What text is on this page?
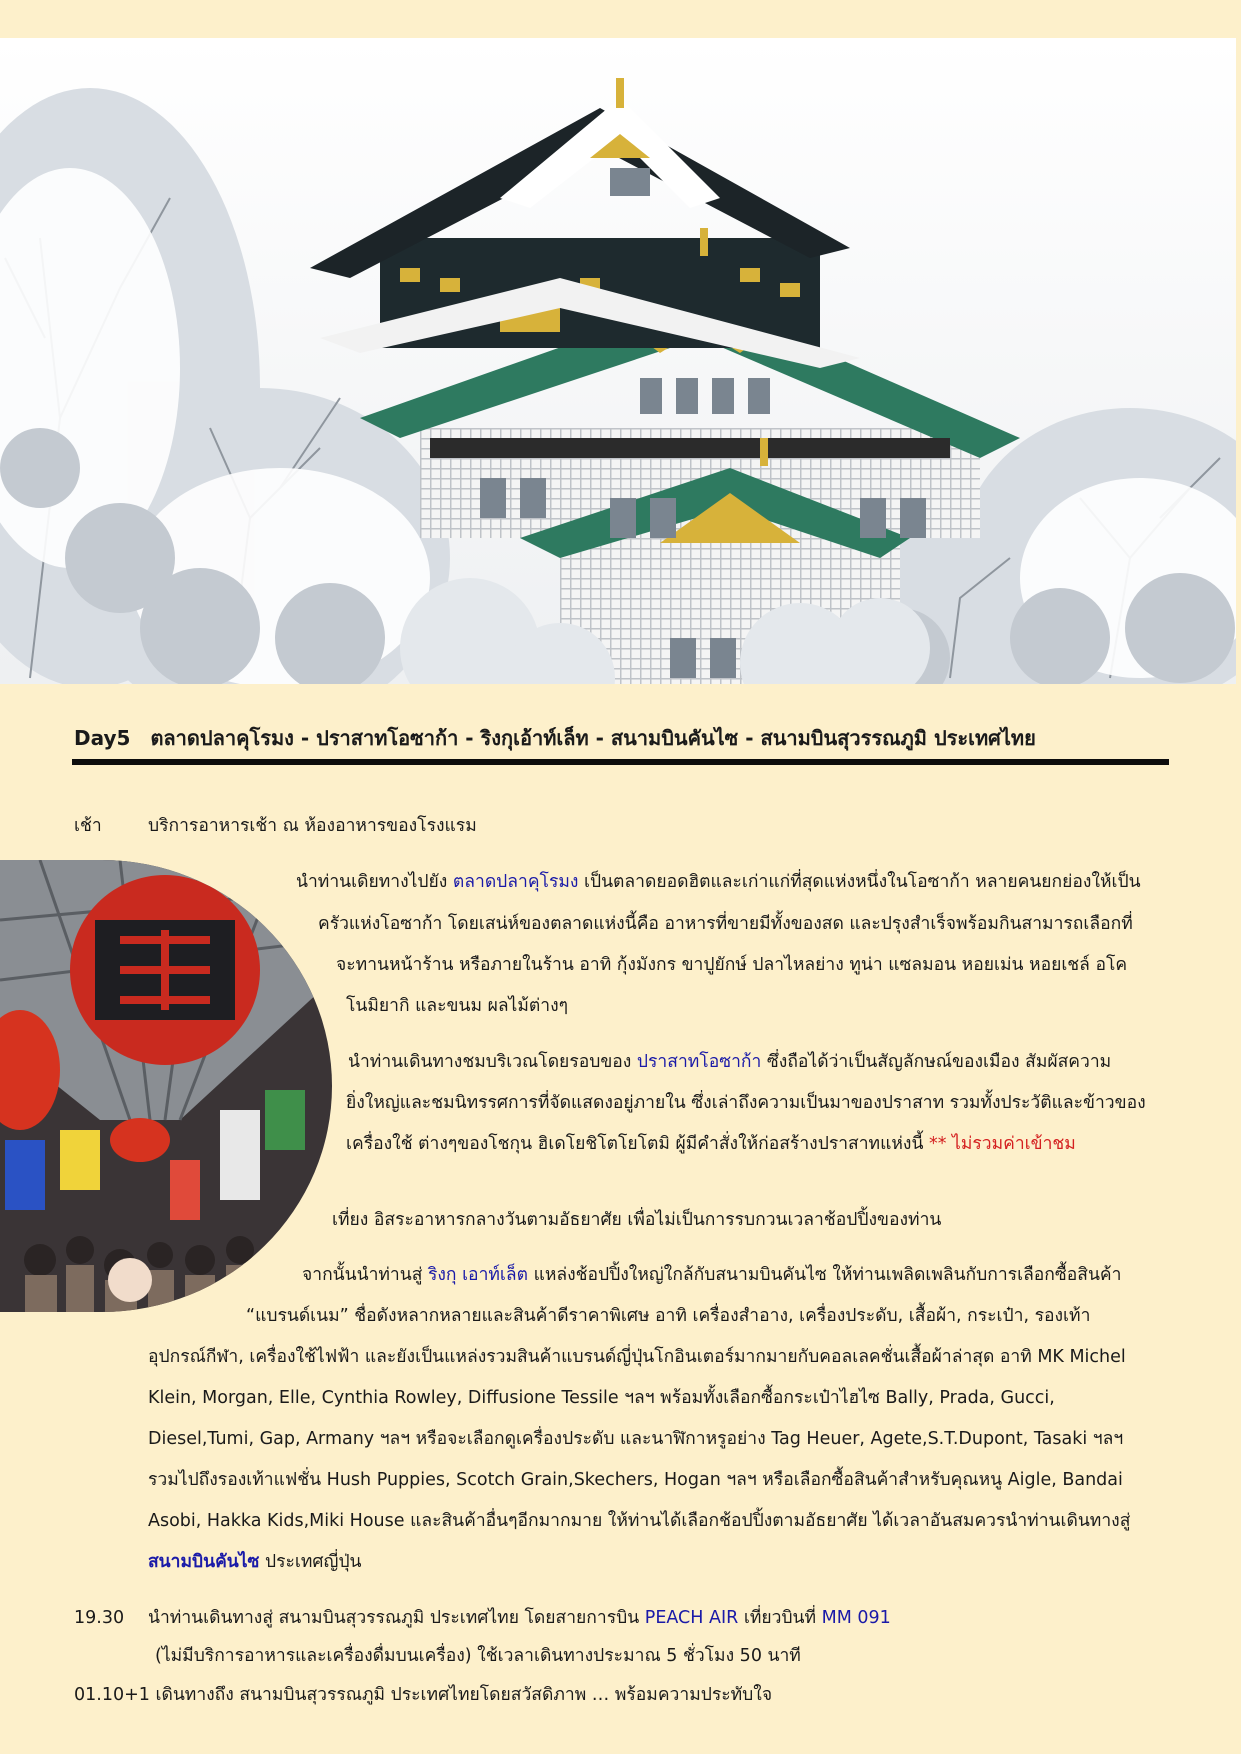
Day5 ตลาดปลาคุโรมง - ปราสาทโอซาก้า - ริงกุเอ้าท์เล็ท - สนามบินคันไซ - สนามบินสุวรรณภูมิ ประเทศไทย
เช้า	บริการอาหารเช้า ณ ห้องอาหารของโรงแรม
นำท่านเดิยทางไปยัง ตลาดปลาคุโรมง เป็นตลาดยอดฮิตและเก่าแก่ที่สุดแห่งหนึ่งในโอซาก้า หลายคนยกย่องให้เป็น
ครัวแห่งโอซาก้า โดยเสน่ห์ของตลาดแห่งนี้คือ อาหารที่ขายมีทั้งของสด และปรุงสำเร็จพร้อมกินสามารถเลือกที่
จะทานหน้าร้าน หรือภายในร้าน อาทิ กุ้งมังกร ขาปูยักษ์ ปลาไหลย่าง ทูน่า แซลมอน หอยเม่น หอยเชล์ อโค
โนมิยากิ และขนม ผลไม้ต่างๆ
นำท่านเดินทางชมบริเวณโดยรอบของ ปราสาทโอซาก้า ซึ่งถือได้ว่าเป็นสัญลักษณ์ของเมือง สัมผัสความ
ยิ่งใหญ่และชมนิทรรศการที่จัดแสดงอยู่ภายใน ซึ่งเล่าถึงความเป็นมาของปราสาท รวมทั้งประวัติและข้าวของ
เครื่องใช้ ต่างๆของโชกุน ฮิเดโยชิโตโยโตมิ ผู้มีคำสั่งให้ก่อสร้างปราสาทแห่งนี้ ** ไม่รวมค่าเข้าชม
เที่ยง อิสระอาหารกลางวันตามอัธยาศัย เพื่อไม่เป็นการรบกวนเวลาช้อปปิ้งของท่าน
จากนั้นนำท่านสู่ ริงกุ เอาท์เล็ต แหล่งช้อปปิ้งใหญ่ใกล้กับสนามบินคันไซ ให้ท่านเพลิดเพลินกับการเลือกซื้อสินค้า
“แบรนด์เนม” ชื่อดังหลากหลายและสินค้าดีราคาพิเศษ อาทิ เครื่องสำอาง, เครื่องประดับ, เสื้อผ้า, กระเป๋า, รองเท้า
อุปกรณ์กีฬา, เครื่องใช้ไฟฟ้า และยังเป็นแหล่งรวมสินค้าแบรนด์ญี่ปุ่นโกอินเตอร์มากมายกับคอลเลคชั่นเสื้อผ้าล่าสุด อาทิ MK Michel
Klein, Morgan, Elle, Cynthia Rowley, Diffusione Tessile ฯลฯ พร้อมทั้งเลือกซื้อกระเป๋าไฮไซ Bally, Prada, Gucci,
Diesel,Tumi, Gap, Armany ฯลฯ หรือจะเลือกดูเครื่องประดับ และนาฬิกาหรูอย่าง Tag Heuer, Agete,S.T.Dupont, Tasaki ฯลฯ
รวมไปถึงรองเท้าแฟชั่น Hush Puppies, Scotch Grain,Skechers, Hogan ฯลฯ หรือเลือกซื้อสินค้าสำหรับคุณหนู Aigle, Bandai
Asobi, Hakka Kids,Miki House และสินค้าอื่นๆอีกมากมาย ให้ท่านได้เลือกช้อปปิ้งตามอัธยาศัย ได้เวลาอันสมควรนำท่านเดินทางสู่
สนามบินคันไซ ประเทศญี่ปุ่น
19.30 นำท่านเดินทางสู่ สนามบินสุวรรณภูมิ ประเทศไทย โดยสายการบิน PEACH AIR เที่ยวบินที่ MM 091
(ไม่มีบริการอาหารและเครื่องดื่มบนเครื่อง) ใช้เวลาเดินทางประมาณ 5 ชั่วโมง 50 นาที
01.10+1 เดินทางถึง สนามบินสุวรรณภูมิ ประเทศไทยโดยสวัสดิภาพ … พร้อมความประทับใจ
